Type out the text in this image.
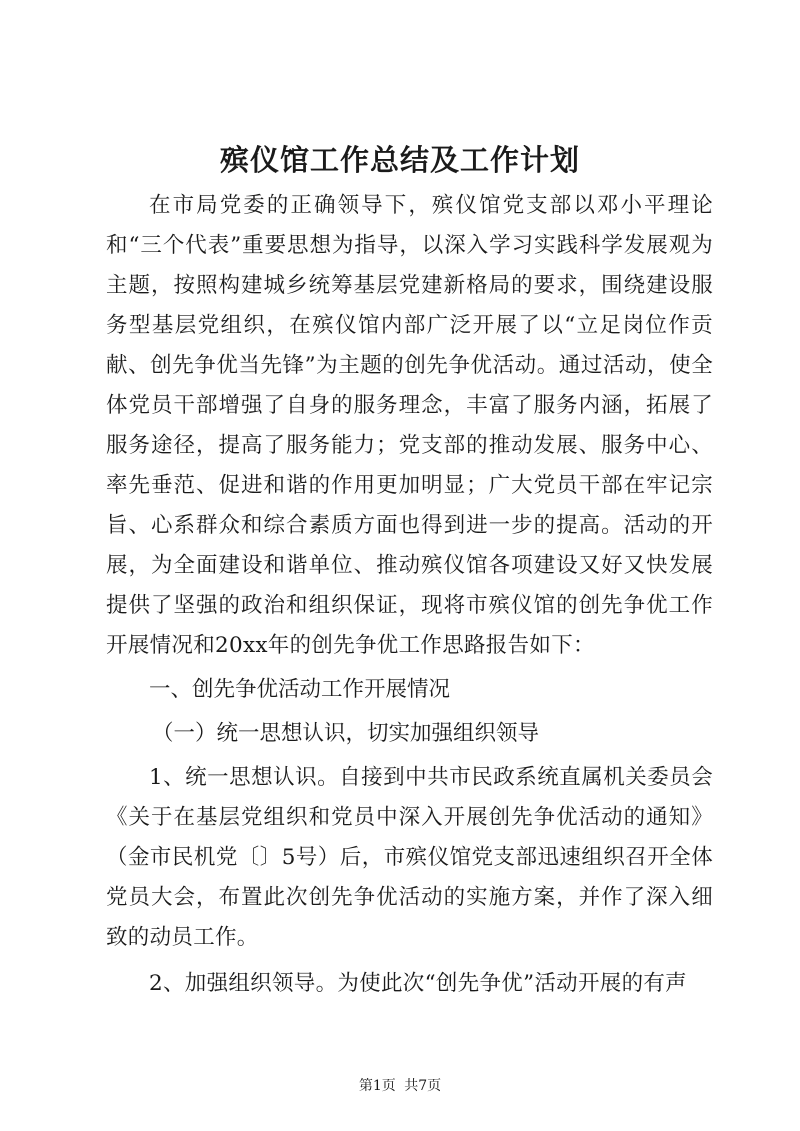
殡仪馆工作总结及工作计划

在市局党委的正确领导下，殡仪馆党支部以邓小平理论和“三个代表”重要思想为指导，以深入学习实践科学发展观为主题，按照构建城乡统筹基层党建新格局的要求，围绕建设服务型基层党组织，在殡仪馆内部广泛开展了以“立足岗位作贡献、创先争优当先锋”为主题的创先争优活动。通过活动，使全体党员干部增强了自身的服务理念，丰富了服务内涵，拓展了服务途径，提高了服务能力；党支部的推动发展、服务中心、率先垂范、促进和谐的作用更加明显；广大党员干部在牢记宗旨、心系群众和综合素质方面也得到进一步的提高。活动的开展，为全面建设和谐单位、推动殡仪馆各项建设又好又快发展提供了坚强的政治和组织保证，现将市殡仪馆的创先争优工作开展情况和20xx年的创先争优工作思路报告如下：

一、创先争优活动工作开展情况

（一）统一思想认识，切实加强组织领导

1、统一思想认识。自接到中共市民政系统直属机关委员会《关于在基层党组织和党员中深入开展创先争优活动的通知》（金市民机党〔〕5号）后，市殡仪馆党支部迅速组织召开全体党员大会，布置此次创先争优活动的实施方案，并作了深入细致的动员工作。

2、加强组织领导。为使此次“创先争优”活动开展的有声

第1页 共7页
